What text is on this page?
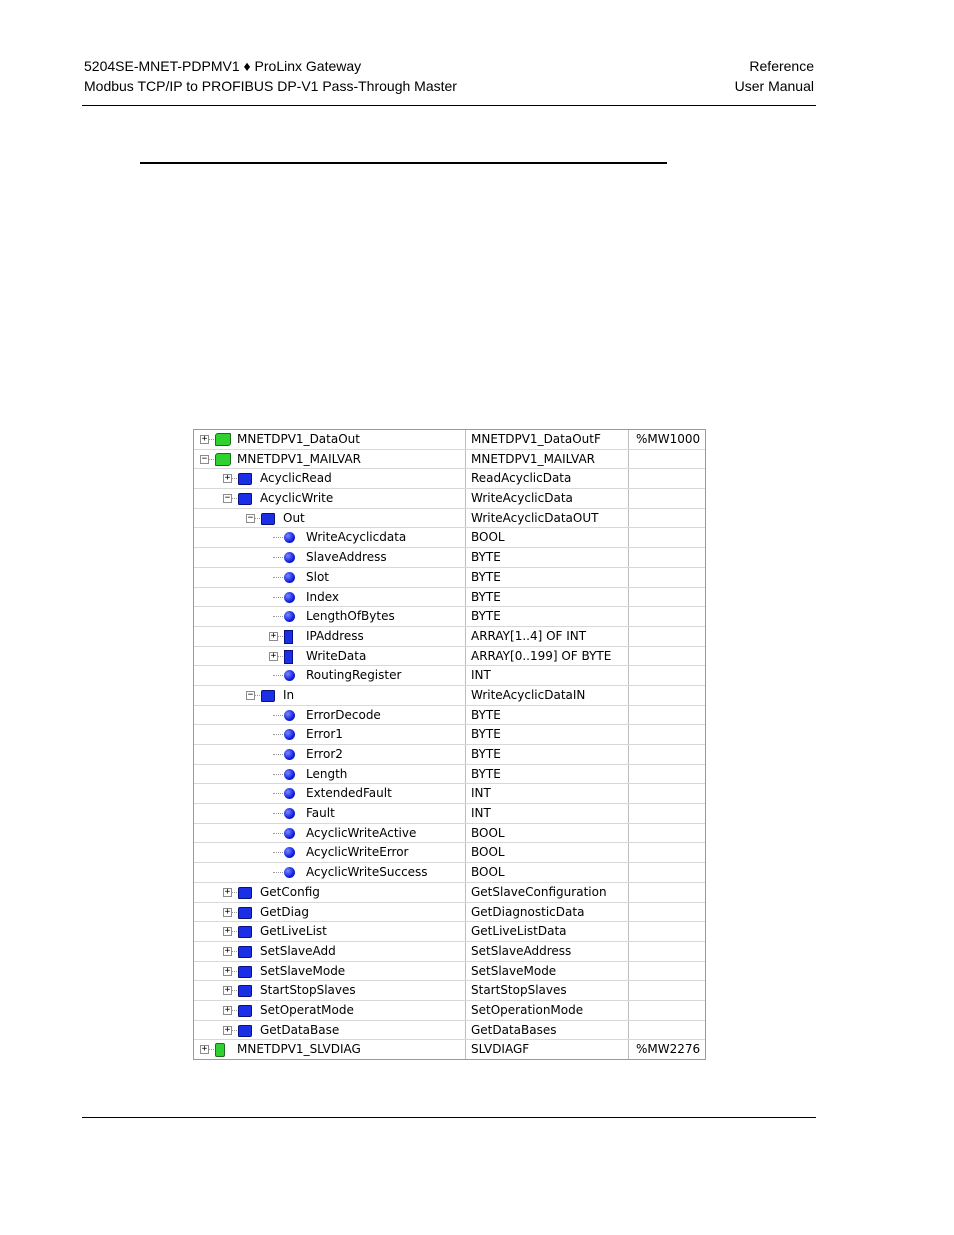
5204SE-MNET-PDPMV1 ♦ ProLinx Gateway
Modbus TCP/IP to PROFIBUS DP-V1 Pass-Through Master
Reference
User Manual
+ MNETDPV1_DataOut	MNETDPV1_DataOutF	%MW1000
− MNETDPV1_MAILVAR	MNETDPV1_MAILVAR
+ AcyclicRead	ReadAcyclicData
− AcyclicWrite	WriteAcyclicData
− Out	WriteAcyclicDataOUT
WriteAcyclicdata	BOOL
SlaveAddress	BYTE
Slot	BYTE
Index	BYTE
LengthOfBytes	BYTE
+ IPAddress	ARRAY[1..4] OF INT
+ WriteData	ARRAY[0..199] OF BYTE
RoutingRegister	INT
− In	WriteAcyclicDataIN
ErrorDecode	BYTE
Error1	BYTE
Error2	BYTE
Length	BYTE
ExtendedFault	INT
Fault	INT
AcyclicWriteActive	BOOL
AcyclicWriteError	BOOL
AcyclicWriteSuccess	BOOL
+ GetConfig	GetSlaveConfiguration
+ GetDiag	GetDiagnosticData
+ GetLiveList	GetLiveListData
+ SetSlaveAdd	SetSlaveAddress
+ SetSlaveMode	SetSlaveMode
+ StartStopSlaves	StartStopSlaves
+ SetOperatMode	SetOperationMode
+ GetDataBase	GetDataBases
+ MNETDPV1_SLVDIAG	SLVDIAGF	%MW2276
